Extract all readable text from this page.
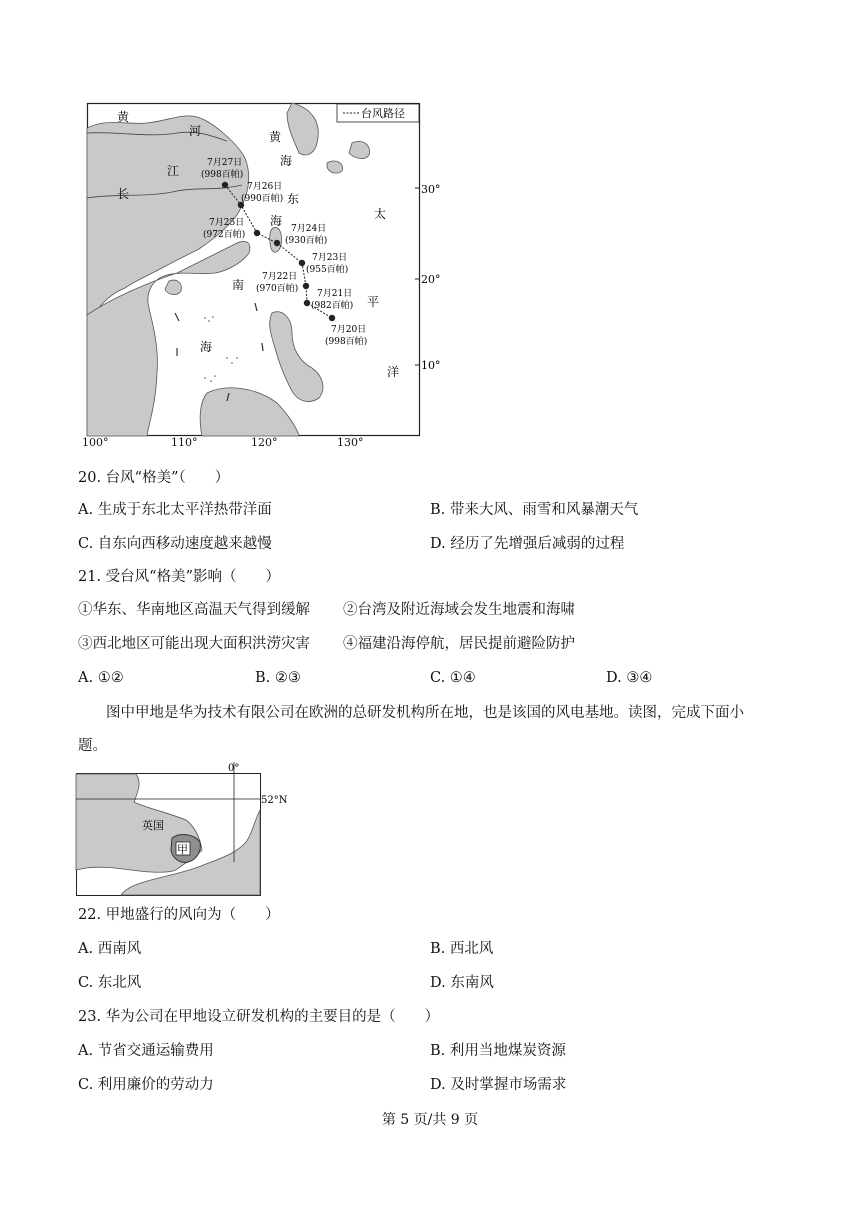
黄
河
江
长
黄
海
东
海
南
海
太
平
洋
台风路径
30°
20°
10°
7月27日
(998百帕)
7月26日
(990百帕)
7月25日
(972百帕)
7月24日
(930百帕)
7月23日
(955百帕)
7月22日
(970百帕) 7月21日
(982百帕)
7月20日
(998百帕)
100°	110°	120°	130°
20. 台风“格美”（　　）
A. 生成于东北太平洋热带洋面	B. 带来大风、雨雪和风暴潮天气
C. 自东向西移动速度越来越慢	D. 经历了先增强后减弱的过程
21. 受台风“格美”影响（　　）
①华东、华南地区高温天气得到缓解 ②台湾及附近海域会发生地震和海啸
③西北地区可能出现大面积洪涝灾害 ④福建沿海停航，居民提前避险防护
A. ①②	B. ②③	C. ①④	D. ③④
图中甲地是华为技术有限公司在欧洲的总研发机构所在地，也是该国的风电基地。读图，完成下面小
题。
甲
0°
52°N
英国
22. 甲地盛行的风向为（　　）
A. 西南风	B. 西北风
C. 东北风	D. 东南风
23. 华为公司在甲地设立研发机构的主要目的是（　　）
A. 节省交通运输费用	B. 利用当地煤炭资源
C. 利用廉价的劳动力	D. 及时掌握市场需求
第 5 页/共 9 页
